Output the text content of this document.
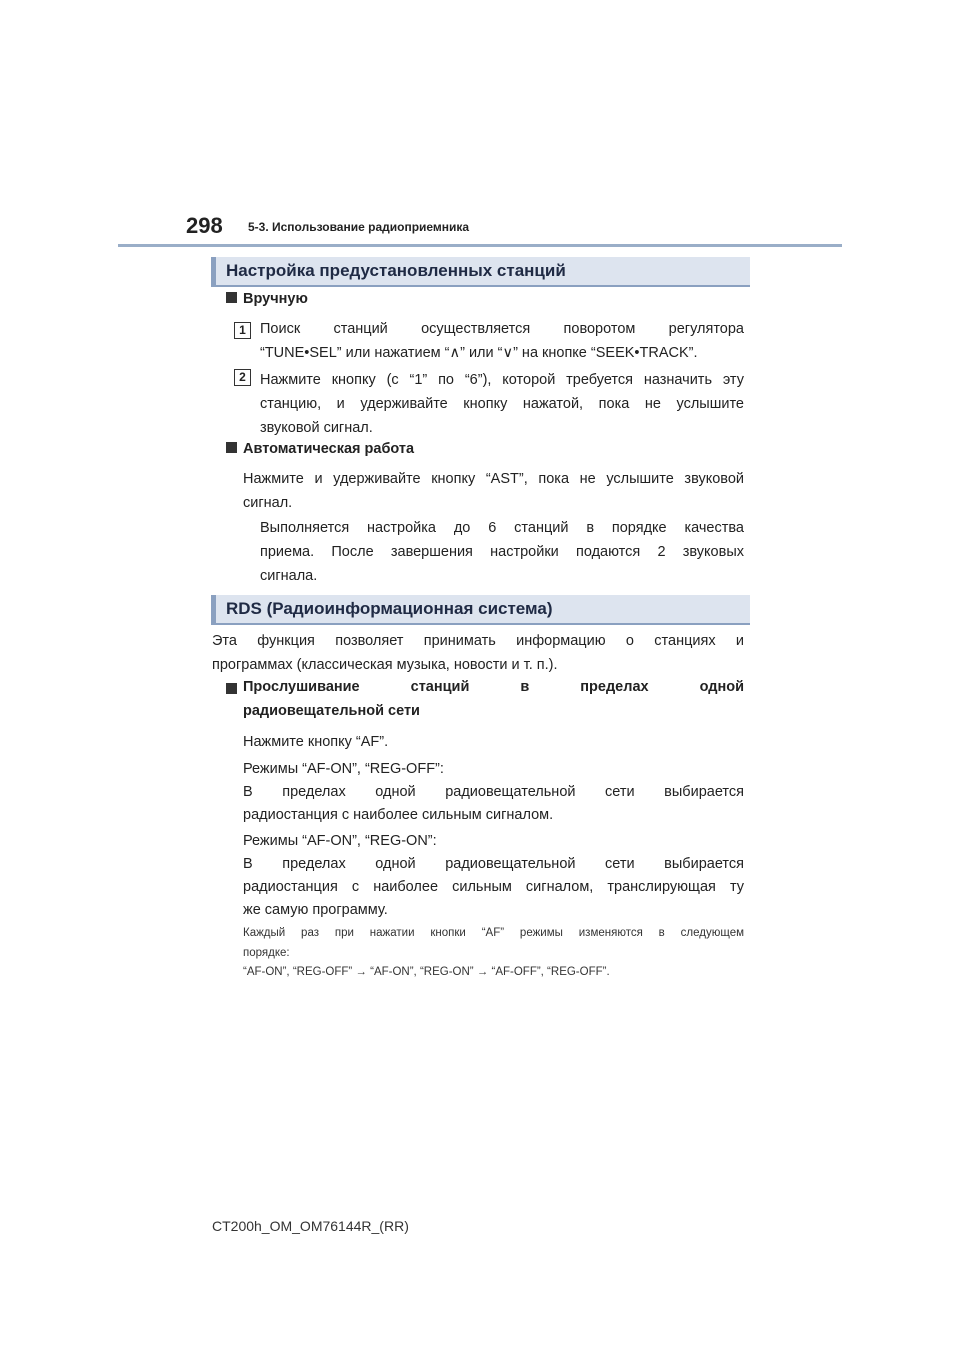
298 5-3. Использование радиоприемника
Настройка предустановленных станций
Вручную
1 Поиск станций осуществляется поворотом регулятора
“TUNE•SEL” или нажатием “∧” или “∨” на кнопке “SEEK•TRACK”.
2 Нажмите кнопку (с “1” по “6”), которой требуется назначить эту
станцию, и удерживайте кнопку нажатой, пока не услышите
звуковой сигнал.
Автоматическая работа
Нажмите и удерживайте кнопку “AST”, пока не услышите звуковой
сигнал.
Выполняется настройка до 6 станций в порядке качества
приема. После завершения настройки подаются 2 звуковых
сигнала.
RDS (Радиоинформационная система)
Эта функция позволяет принимать информацию о станциях и
программах (классическая музыка, новости и т. п.).
Прослушивание станций в пределах одной
радиовещательной сети
Нажмите кнопку “AF”.
Режимы “AF-ON”, “REG-OFF”:
В пределах одной радиовещательной сети выбирается
радиостанция с наиболее сильным сигналом.
Режимы “AF-ON”, “REG-ON”:
В пределах одной радиовещательной сети выбирается
радиостанция с наиболее сильным сигналом, транслирующая ту
же самую программу.
Каждый раз при нажатии кнопки “AF” режимы изменяются в следующем
порядке:
“AF-ON”, “REG-OFF” → “AF-ON”, “REG-ON” → “AF-OFF”, “REG-OFF”.
CT200h_OM_OM76144R_(RR)
